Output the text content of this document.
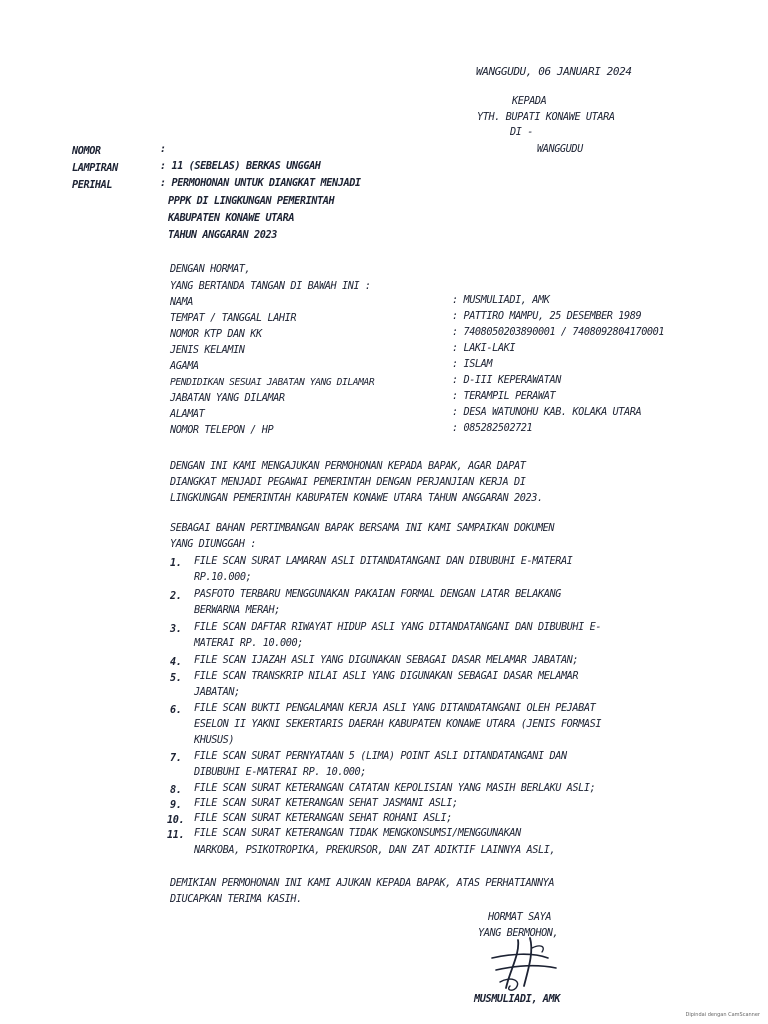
WANGGUDU, 06 JANUARI 2024
KEPADA
YTH. BUPATI KONAWE UTARA
DI -
WANGGUDU
NOMOR	:
LAMPIRAN	: 11 (SEBELAS) BERKAS UNGGAH
PERIHAL	: PERMOHONAN UNTUK DIANGKAT MENJADI
PPPK DI LINGKUNGAN PEMERINTAH
KABUPATEN KONAWE UTARA
TAHUN ANGGARAN 2023
DENGAN HORMAT,
YANG BERTANDA TANGAN DI BAWAH INI :
NAMA	: MUSMULIADI, AMK
TEMPAT / TANGGAL LAHIR	: PATTIRO MAMPU, 25 DESEMBER 1989
NOMOR KTP DAN KK	: 7408050203890001 / 7408092804170001
JENIS KELAMIN	: LAKI-LAKI
AGAMA	: ISLAM
PENDIDIKAN SESUAI JABATAN YANG DILAMAR	: D-III KEPERAWATAN
JABATAN YANG DILAMAR	: TERAMPIL PERAWAT
ALAMAT	: DESA WATUNOHU KAB. KOLAKA UTARA
NOMOR TELEPON / HP	: 085282502721
DENGAN INI KAMI MENGAJUKAN PERMOHONAN KEPADA BAPAK, AGAR DAPAT
DIANGKAT MENJADI PEGAWAI PEMERINTAH DENGAN PERJANJIAN KERJA DI
LINGKUNGAN PEMERINTAH KABUPATEN KONAWE UTARA TAHUN ANGGARAN 2023.
SEBAGAI BAHAN PERTIMBANGAN BAPAK BERSAMA INI KAMI SAMPAIKAN DOKUMEN
YANG DIUNGGAH :
1. FILE SCAN SURAT LAMARAN ASLI DITANDATANGANI DAN DIBUBUHI E-MATERAI
RP.10.000;
2. PASFOTO TERBARU MENGGUNAKAN PAKAIAN FORMAL DENGAN LATAR BELAKANG
BERWARNA MERAH;
3. FILE SCAN DAFTAR RIWAYAT HIDUP ASLI YANG DITANDATANGANI DAN DIBUBUHI E-
MATERAI RP. 10.000;
4. FILE SCAN IJAZAH ASLI YANG DIGUNAKAN SEBAGAI DASAR MELAMAR JABATAN;
5. FILE SCAN TRANSKRIP NILAI ASLI YANG DIGUNAKAN SEBAGAI DASAR MELAMAR
JABATAN;
6. FILE SCAN BUKTI PENGALAMAN KERJA ASLI YANG DITANDATANGANI OLEH PEJABAT
ESELON II YAKNI SEKERTARIS DAERAH KABUPATEN KONAWE UTARA (JENIS FORMASI
KHUSUS)
7. FILE SCAN SURAT PERNYATAAN 5 (LIMA) POINT ASLI DITANDATANGANI DAN
DIBUBUHI E-MATERAI RP. 10.000;
8. FILE SCAN SURAT KETERANGAN CATATAN KEPOLISIAN YANG MASIH BERLAKU ASLI;
9. FILE SCAN SURAT KETERANGAN SEHAT JASMANI ASLI;
10. FILE SCAN SURAT KETERANGAN SEHAT ROHANI ASLI;
11. FILE SCAN SURAT KETERANGAN TIDAK MENGKONSUMSI/MENGGUNAKAN
NARKOBA, PSIKOTROPIKA, PREKURSOR, DAN ZAT ADIKTIF LAINNYA ASLI,
DEMIKIAN PERMOHONAN INI KAMI AJUKAN KEPADA BAPAK, ATAS PERHATIANNYA
DIUCAPKAN TERIMA KASIH.
HORMAT SAYA
YANG BERMOHON,
MUSMULIADI, AMK
Dipindai dengan CamScanner
